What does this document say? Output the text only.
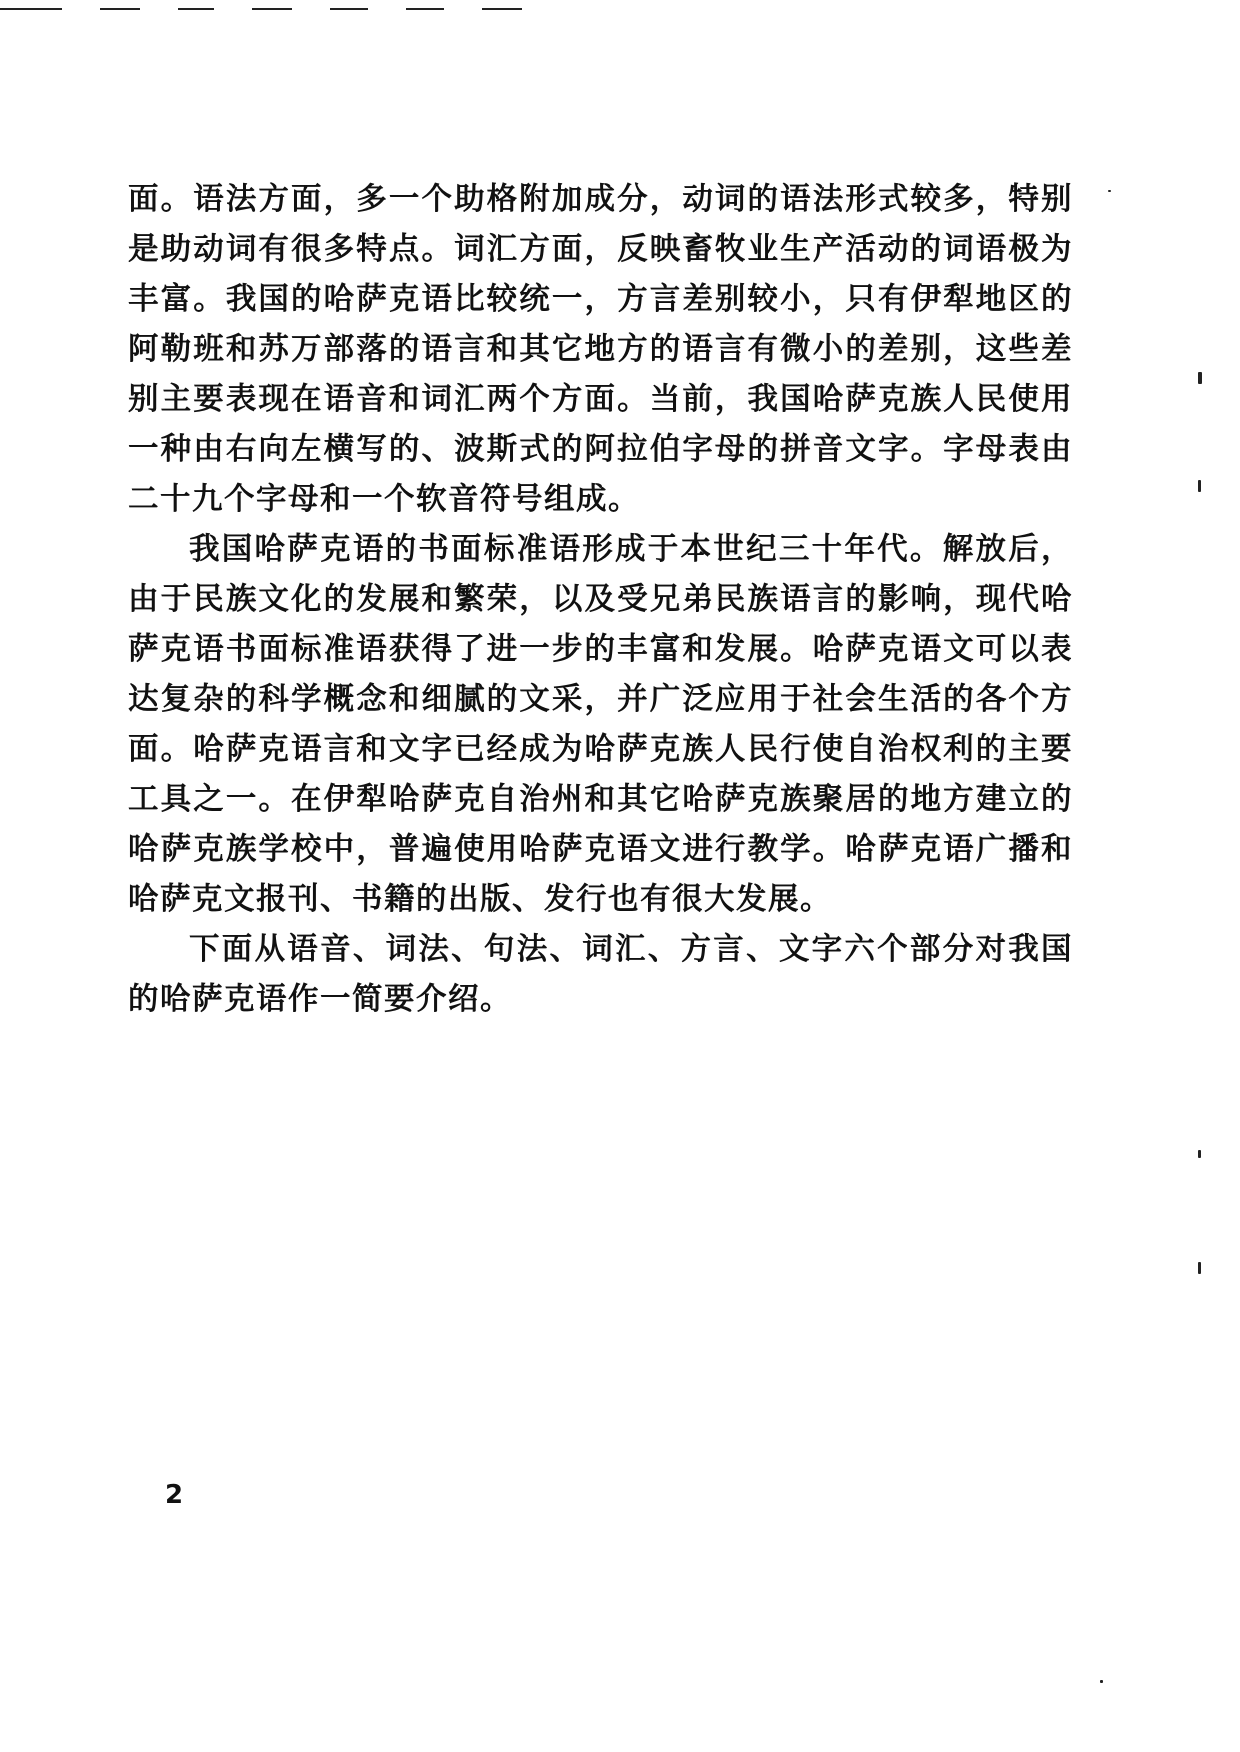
面。语法方面，多一个助格附加成分，动词的语法形式较多，特别是助动词有很多特点。词汇方面，反映畜牧业生产活动的词语极为丰富。我国的哈萨克语比较统一，方言差别较小，只有伊犁地区的阿勒班和苏万部落的语言和其它地方的语言有微小的差别，这些差别主要表现在语音和词汇两个方面。当前，我国哈萨克族人民使用一种由右向左横写的、波斯式的阿拉伯字母的拼音文字。字母表由二十九个字母和一个软音符号组成。

我国哈萨克语的书面标准语形成于本世纪三十年代。解放后，由于民族文化的发展和繁荣，以及受兄弟民族语言的影响，现代哈萨克语书面标准语获得了进一步的丰富和发展。哈萨克语文可以表达复杂的科学概念和细腻的文采，并广泛应用于社会生活的各个方面。哈萨克语言和文字已经成为哈萨克族人民行使自治权利的主要工具之一。在伊犁哈萨克自治州和其它哈萨克族聚居的地方建立的哈萨克族学校中，普遍使用哈萨克语文进行教学。哈萨克语广播和哈萨克文报刊、书籍的出版、发行也有很大发展。

下面从语音、词法、句法、词汇、方言、文字六个部分对我国的哈萨克语作一简要介绍。

2
